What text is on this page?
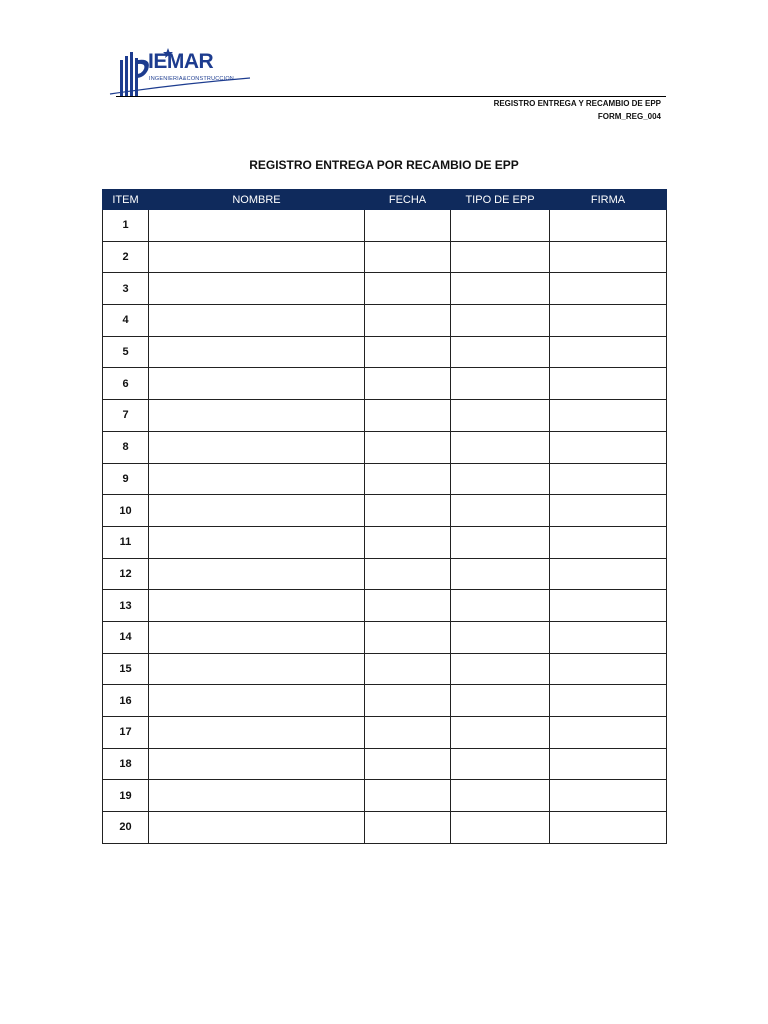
IEMAR
INGENIERIA&CONSTRUCCION
REGISTRO ENTREGA Y RECAMBIO DE EPP
FORM_REG_004
REGISTRO ENTREGA POR RECAMBIO DE EPP
ITEM	NOMBRE	FECHA	TIPO DE EPP	FIRMA
1				
2				
3				
4				
5				
6				
7				
8				
9				
10				
11				
12				
13				
14				
15				
16				
17				
18				
19				
20				
